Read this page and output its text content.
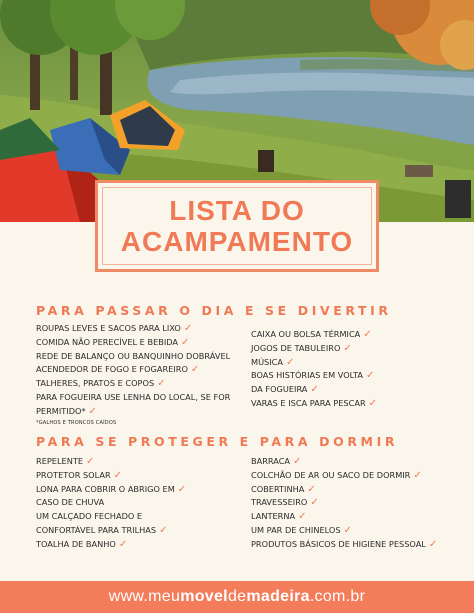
LISTA DO
ACAMPAMENTO
PARA PASSAR O DIA E SE DIVERTIR
ROUPAS LEVES E SACOS PARA LIXO ✓
COMIDA NÃO PERECÍVEL E BEBIDA ✓
REDE DE BALANÇO OU BANQUINHO DOBRÁVEL
ACENDEDOR DE FOGO E FOGAREIRO ✓
TALHERES, PRATOS E COPOS ✓
PARA FOGUEIRA USE LENHA DO LOCAL, SE FOR
PERMITIDO* ✓
*GALHOS E TRONCOS CAÍDOS
CAIXA OU BOLSA TÉRMICA ✓
JOGOS DE TABULEIRO ✓
MÚSICA ✓
BOAS HISTÓRIAS EM VOLTA ✓
DA FOGUEIRA ✓
VARAS E ISCA PARA PESCAR ✓
PARA SE PROTEGER E PARA DORMIR
REPELENTE ✓
PROTETOR SOLAR ✓
LONA PARA COBRIR O ABRIGO EM ✓
CASO DE CHUVA
UM CALÇADO FECHADO E
CONFORTÁVEL PARA TRILHAS ✓
TOALHA DE BANHO ✓
BARRACA ✓
COLCHÃO DE AR OU SACO DE DORMIR ✓
COBERTINHA ✓
TRAVESSEIRO ✓
LANTERNA ✓
UM PAR DE CHINELOS ✓
PRODUTOS BÁSICOS DE HIGIENE PESSOAL ✓
www.meumoveldemadeira.com.br
